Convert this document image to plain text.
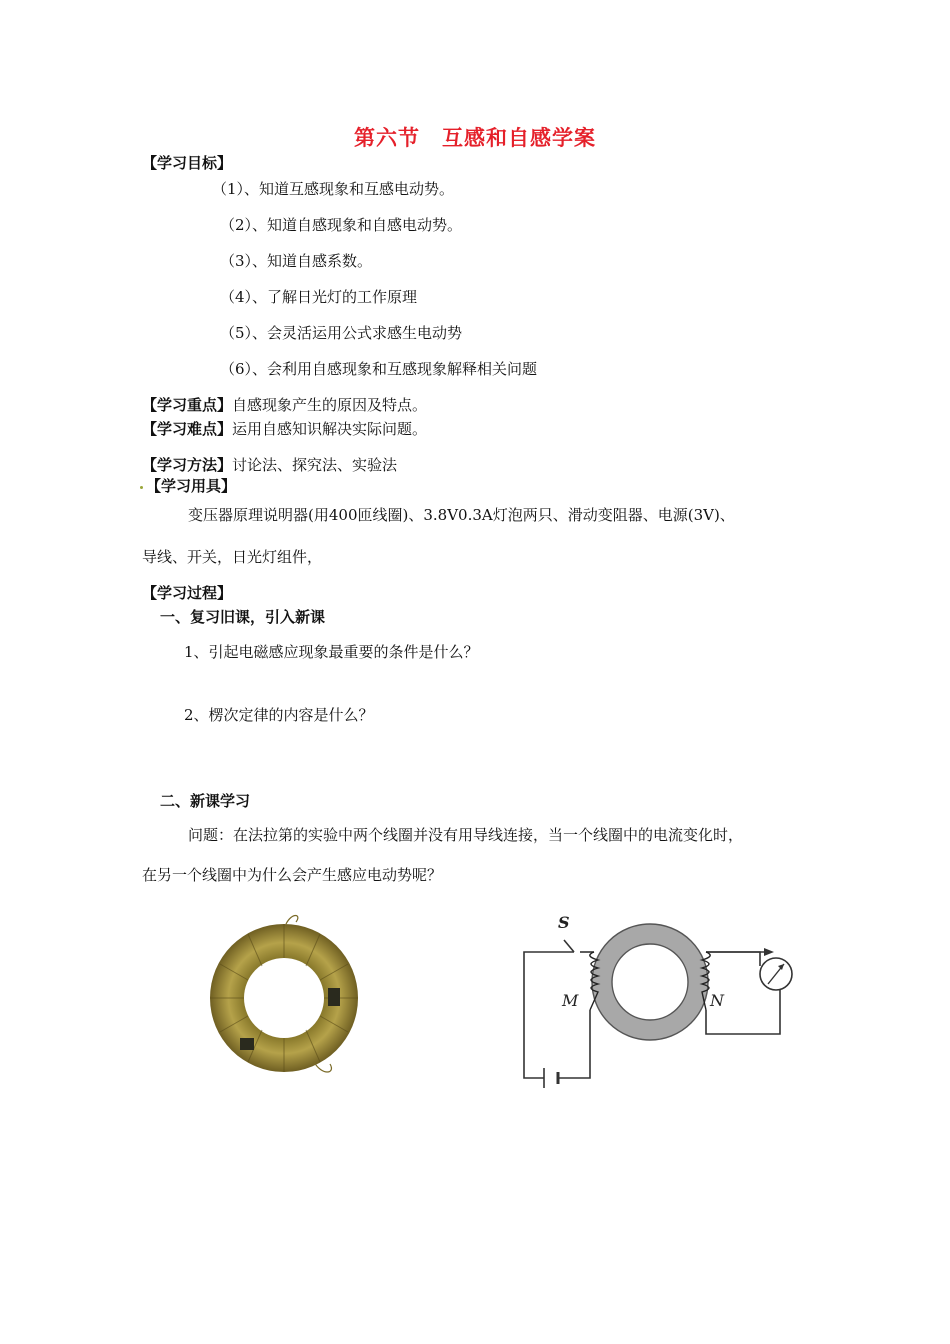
第六节 互感和自感学案
【学习目标】
（1）、知道互感现象和互感电动势。
（2）、知道自感现象和自感电动势。
（3）、知道自感系数。
（4）、了解日光灯的工作原理
（5）、会灵活运用公式求感生电动势
（6）、会利用自感现象和互感现象解释相关问题
【学习重点】自感现象产生的原因及特点。
【学习难点】运用自感知识解决实际问题。
【学习方法】讨论法、探究法、实验法
【学习用具】
变压器原理说明器(用400匝线圈)、3.8V0.3A灯泡两只、滑动变阻器、电源(3V)、
导线、开关，日光灯组件，
【学习过程】
一、复习旧课，引入新课
1、引起电磁感应现象最重要的条件是什么？
2、楞次定律的内容是什么？
二、新课学习
问题：在法拉第的实验中两个线圈并没有用导线连接，当一个线圈中的电流变化时，
在另一个线圈中为什么会产生感应电动势呢？
S
M	N
